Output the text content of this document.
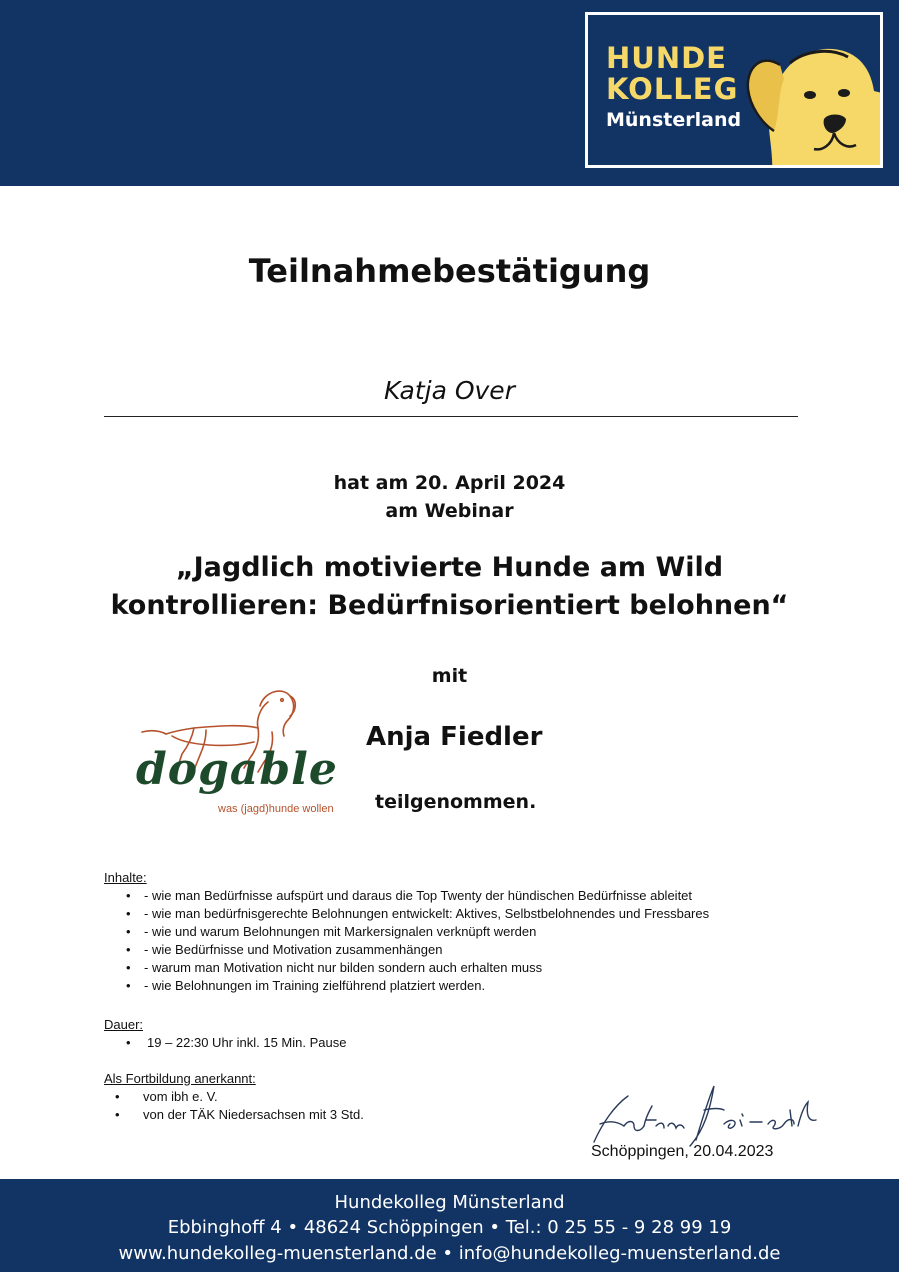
HUNDE
KOLLEG
Münsterland
Teilnahmebestätigung
Katja Over
hat am 20. April 2024
am Webinar
„Jagdlich motivierte Hunde am Wild
kontrollieren: Bedürfnisorientiert belohnen“
mit
dogable
was (jagd)hunde wollen
Anja Fiedler
teilgenommen.
Inhalte:
• - wie man Bedürfnisse aufspürt und daraus die Top Twenty der hündischen Bedürfnisse ableitet
• - wie man bedürfnisgerechte Belohnungen entwickelt: Aktives, Selbstbelohnendes und Fressbares
• - wie und warum Belohnungen mit Markersignalen verknüpft werden
• - wie Bedürfnisse und Motivation zusammenhängen
• - warum man Motivation nicht nur bilden sondern auch erhalten muss
• - wie Belohnungen im Training zielführend platziert werden.
Dauer:
• 19 – 22:30 Uhr inkl. 15 Min. Pause
Als Fortbildung anerkannt:
• vom ibh e. V.
• von der TÄK Niedersachsen mit 3 Std.
Schöppingen, 20.04.2023
Hundekolleg Münsterland
Ebbinghoff 4 • 48624 Schöppingen • Tel.: 0 25 55 - 9 28 99 19
www.hundekolleg-muensterland.de • info@hundekolleg-muensterland.de
